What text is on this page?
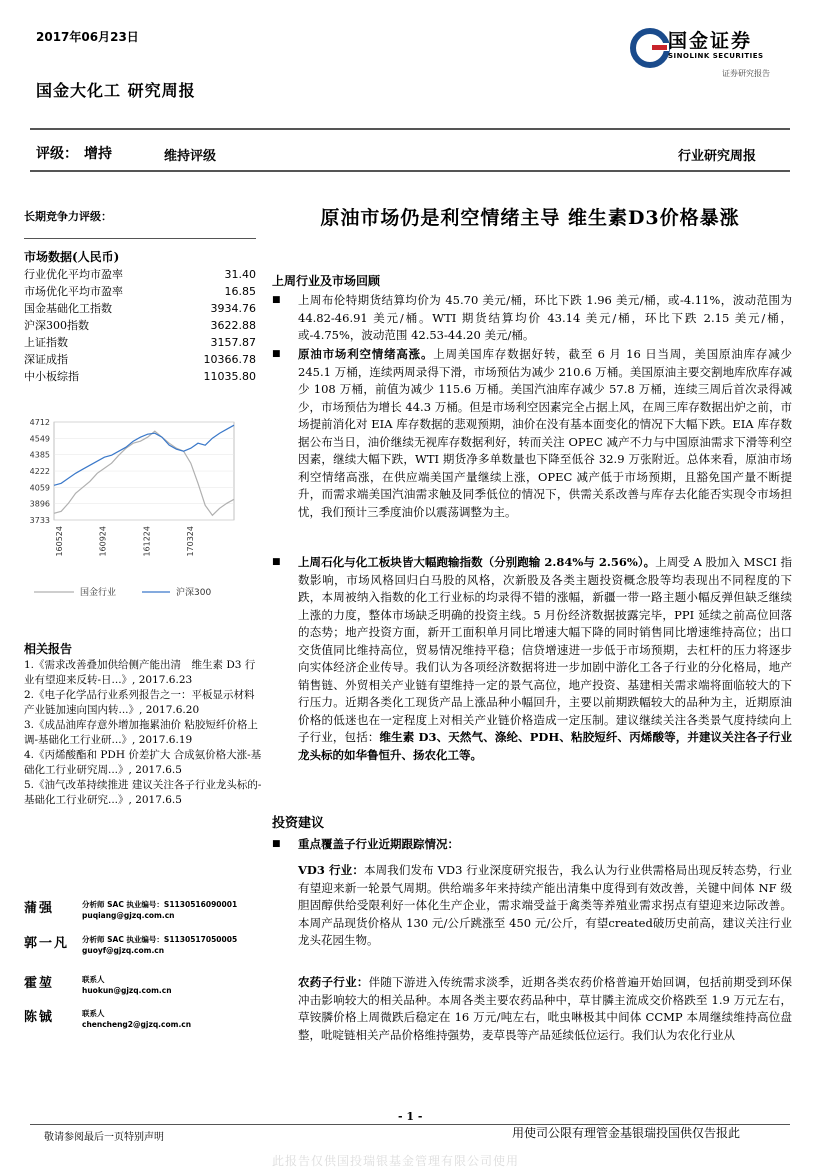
2017年06月23日
国金大化工 研究周报
国金证券
SINOLINK SECURITIES
证券研究报告
评级： 增持	维持评级	行业研究周报
长期竞争力评级：
市场数据(人民币)
行业优化平均市盈率	31.40
市场优化平均市盈率	16.85
国金基础化工指数	3934.76
沪深300指数	3622.88
上证指数	3157.87
深证成指	10366.78
中小板综指	11035.80
4712
4549
4385
4222
4059
3896
3733
160524	160924	161224	170324
国金行业	沪深300
相关报告
1.《需求改善叠加供给侧产能出清　维生素 D3 行业有望迎来反转-日...》, 2017.6.23
2.《电子化学品行业系列报告之一：平板显示材料　产业链加速向国内转...》, 2017.6.20
3.《成品油库存意外增加拖累油价 粘胶短纤价格上调-基础化工行业研...》, 2017.6.19
4.《丙烯酸酯和 PDH 价差扩大 合成氨价格大涨-基础化工行业研究周...》, 2017.6.5
5.《油气改革持续推进 建议关注各子行业龙头标的-基础化工行业研究...》, 2017.6.5
蒲强	分析师 SAC 执业编号：S1130516090001
puqiang@gjzq.com.cn
郭一凡 分析师 SAC 执业编号：S1130517050005
guoyf@gjzq.com.cn
霍堃	联系人
huokun@gjzq.com.cn
陈铖	联系人
chencheng2@gjzq.com.cn
原油市场仍是利空情绪主导 维生素D3价格暴涨
上周行业及市场回顾
■ 上周布伦特期货结算均价为 45.70 美元/桶，环比下跌 1.96 美元/桶，或-4.11%，波动范围为 44.82-46.91 美元/桶。WTI 期货结算均价 43.14 美元/桶，环比下跌 2.15 美元/桶，或-4.75%，波动范围 42.53-44.20 美元/桶。
■ 原油市场利空情绪高涨。上周美国库存数据好转，截至 6 月 16 日当周，美国原油库存减少 245.1 万桶，连续两周录得下滑，市场预估为减少 210.6 万桶。美国原油主要交割地库欣库存减少 108 万桶，前值为减少 115.6 万桶。美国汽油库存减少 57.8 万桶，连续三周后首次录得减少，市场预估为增长 44.3 万桶。但是市场利空因素完全占据上风，在周三库存数据出炉之前，市场提前消化对 EIA 库存数据的悲观预期，油价在没有基本面变化的情况下大幅下跌。EIA 库存数据公布当日，油价继续无视库存数据利好，转而关注 OPEC 减产不力与中国原油需求下滑等利空因素，继续大幅下跌，WTI 期货净多单数量也下降至低谷 32.9 万张附近。总体来看，原油市场利空情绪高涨，在供应端美国产量继续上涨，OPEC 减产低于市场预期，且豁免国产量不断提升，而需求端美国汽油需求触及同季低位的情况下，供需关系改善与库存去化能否实现令市场担忧，我们预计三季度油价以震荡调整为主。
■ 上周石化与化工板块皆大幅跑输指数（分别跑输 2.84%与 2.56%）。上周受 A 股加入 MSCI 指数影响，市场风格回归白马股的风格，次新股及各类主题投资概念股等均表现出不同程度的下跌，本周被纳入指数的化工行业标的均录得不错的涨幅，新疆一带一路主题小幅反弹但缺乏继续上涨的力度，整体市场缺乏明确的投资主线。5 月份经济数据披露完毕，PPI 延续之前高位回落的态势；地产投资方面，新开工面积单月同比增速大幅下降的同时销售同比增速维持高位；出口交货值同比维持高位，贸易情况维持平稳；信贷增速进一步低于市场预期，去杠杆的压力将逐步向实体经济企业传导。我们认为各项经济数据将进一步加剧中游化工各子行业的分化格局，地产销售链、外贸相关产业链有望维持一定的景气高位，地产投资、基建相关需求端将面临较大的下行压力。近期各类化工现货产品上涨品种小幅回升，主要以前期跌幅较大的品种为主，近期原油价格的低迷也在一定程度上对相关产业链价格造成一定压制。建议继续关注各类景气度持续向上子行业，包括：维生素 D3、天然气、涤纶、PDH、粘胶短纤、丙烯酸等，并建议关注各子行业龙头标的如华鲁恒升、扬农化工等。
投资建议
■ 重点覆盖子行业近期跟踪情况：
VD3 行业：本周我们发布 VD3 行业深度研究报告，我么认为行业供需格局出现反转态势，行业有望迎来新一轮景气周期。供给端多年来持续产能出清集中度得到有效改善，关键中间体 NF 级胆固醇供给受限利好一体化生产企业，需求端受益于禽类等养殖业需求拐点有望迎来边际改善。本周产品现货价格从 130 元/公斤跳涨至 450 元/公斤，有望created破历史前高，建议关注行业龙头花园生物。
农药子行业：伴随下游进入传统需求淡季，近期各类农药价格普遍开始回调，包括前期受到环保冲击影响较大的相关品种。本周各类主要农药品种中，草甘膦主流成交价格跌至 1.9 万元左右，草铵膦价格上周微跌后稳定在 16 万元/吨左右，吡虫啉极其中间体 CCMP 本周继续维持高位盘整，吡啶链相关产品价格维持强势，麦草畏等产品延续低位运行。我们认为农化行业从
- 1 -
敬请参阅最后一页特别声明	用使司公限有理管金基银瑞投国供仅告报此
此报告仅供国投瑞银基金管理有限公司使用
